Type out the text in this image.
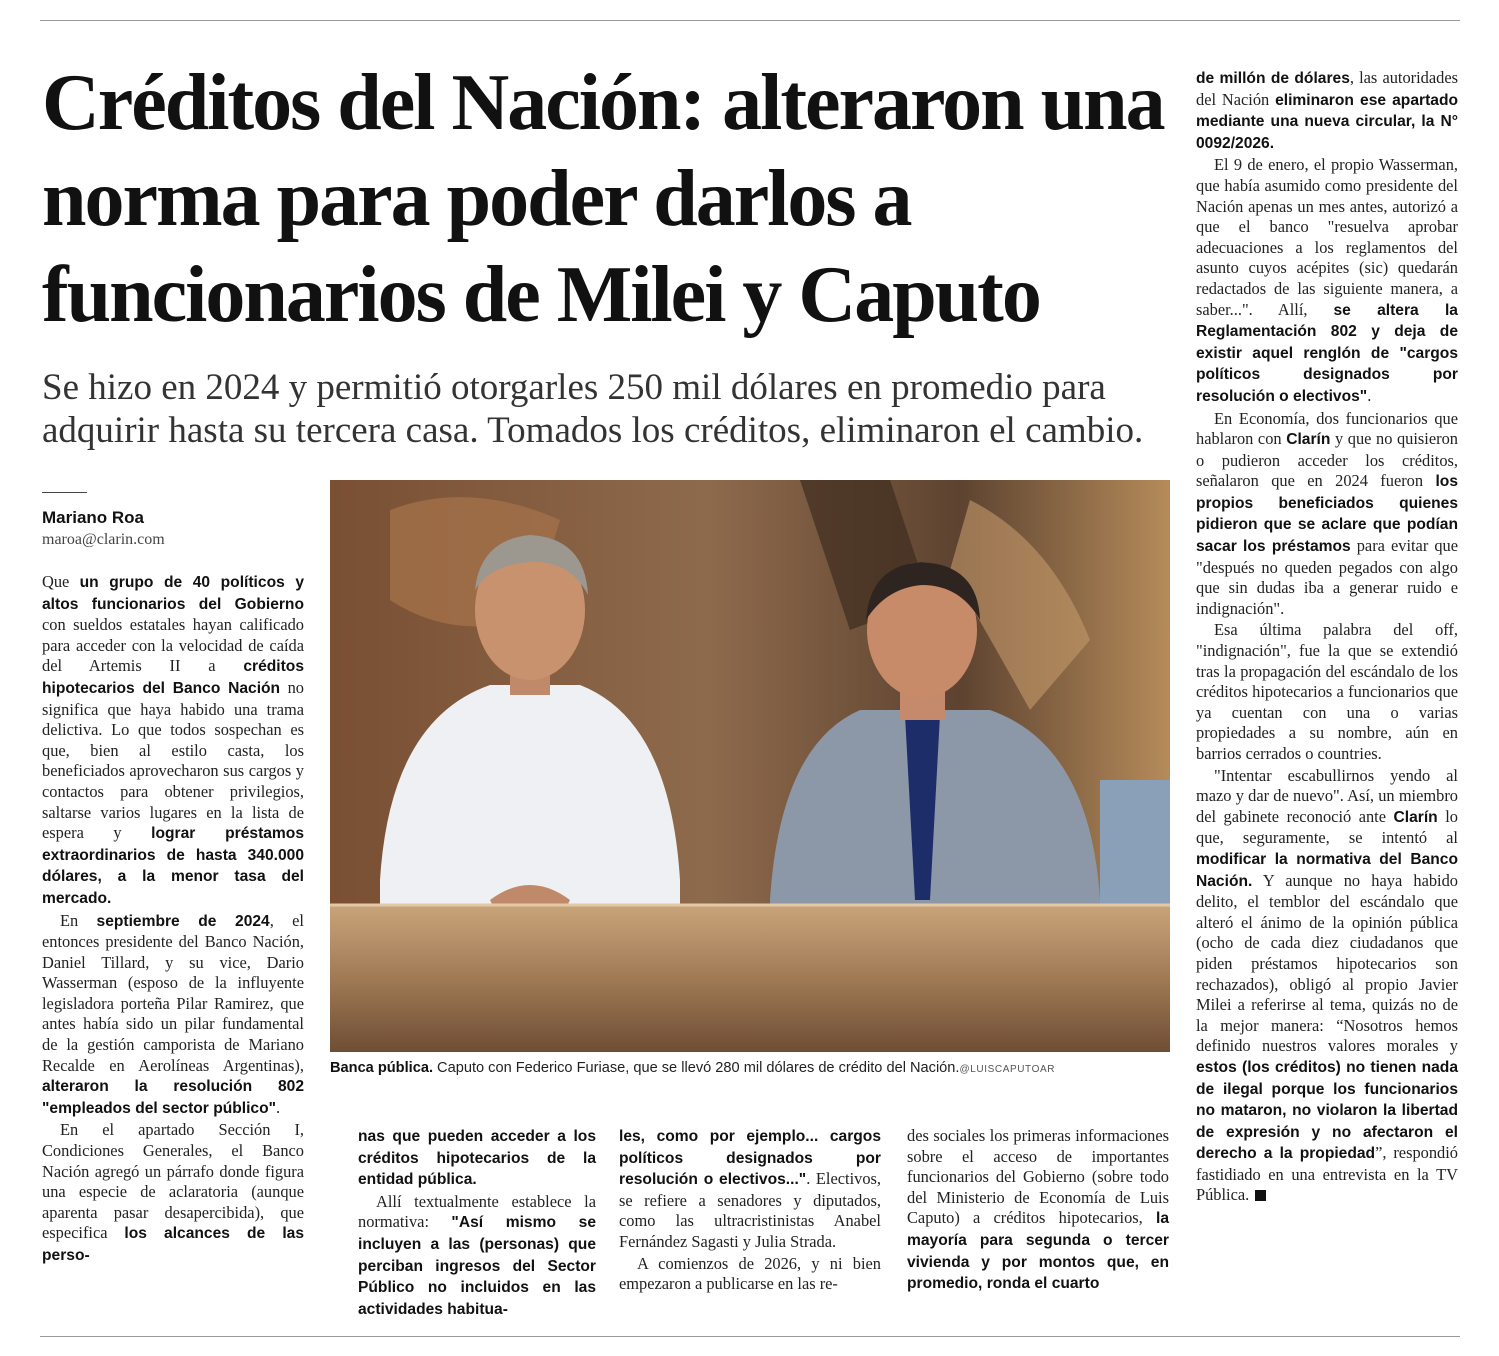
Créditos del Nación: alteraron una norma para poder darlos a funcionarios de Milei y Caputo
Se hizo en 2024 y permitió otorgarles 250 mil dólares en promedio para adquirir hasta su tercera casa. Tomados los créditos, eliminaron el cambio.
Mariano Roa
maroa@clarin.com

Que un grupo de 40 políticos y altos funcionarios del Gobierno con sueldos estatales hayan calificado para acceder con la velocidad de caída del Artemis II a créditos hipotecarios del Banco Nación no significa que haya habido una trama delictiva. Lo que todos sospechan es que, bien al estilo casta, los beneficiados aprovecharon sus cargos y contactos para obtener privilegios, saltarse varios lugares en la lista de espera y lograr préstamos extraordinarios de hasta 340.000 dólares, a la menor tasa del mercado.

En septiembre de 2024, el entonces presidente del Banco Nación, Daniel Tillard, y su vice, Dario Wasserman (esposo de la influyente legisladora porteña Pilar Ramirez, que antes había sido un pilar fundamental de la gestión camporista de Mariano Recalde en Aerolíneas Argentinas), alteraron la resolución 802 "empleados del sector público".

En el apartado Sección I, Condiciones Generales, el Banco Nación agregó un párrafo donde figura una especie de aclaratoria (aunque aparenta pasar desapercibida), que especifica los alcances de las perso-

Banca pública. Caputo con Federico Furiase, que se llevó 280 mil dólares de crédito del Nación.@LUISCAPUTOAR

nas que pueden acceder a los créditos hipotecarios de la entidad pública.

Allí textualmente establece la normativa: "Así mismo se incluyen a las (personas) que perciban ingresos del Sector Público no incluidos en las actividades habitua-

les, como por ejemplo... cargos políticos designados por resolución o electivos...". Electivos, se refiere a senadores y diputados, como las ultracristinistas Anabel Fernández Sagasti y Julia Strada.

A comienzos de 2026, y ni bien empezaron a publicarse en las re-

des sociales los primeras informaciones sobre el acceso de importantes funcionarios del Gobierno (sobre todo del Ministerio de Economía de Luis Caputo) a créditos hipotecarios, la mayoría para segunda o tercer vivienda y por montos que, en promedio, ronda el cuarto

de millón de dólares, las autoridades del Nación eliminaron ese apartado mediante una nueva circular, la N° 0092/2026.

El 9 de enero, el propio Wasserman, que había asumido como presidente del Nación apenas un mes antes, autorizó a que el banco "resuelva aprobar adecuaciones a los reglamentos del asunto cuyos acépites (sic) quedarán redactados de las siguiente manera, a saber...". Allí, se altera la Reglamentación 802 y deja de existir aquel renglón de "cargos políticos designados por resolución o electivos".

En Economía, dos funcionarios que hablaron con Clarín y que no quisieron o pudieron acceder los créditos, señalaron que en 2024 fueron los propios beneficiados quienes pidieron que se aclare que podían sacar los préstamos para evitar que "después no queden pegados con algo que sin dudas iba a generar ruido e indignación".

Esa última palabra del off, "indignación", fue la que se extendió tras la propagación del escándalo de los créditos hipotecarios a funcionarios que ya cuentan con una o varias propiedades a su nombre, aún en barrios cerrados o countries.

"Intentar escabullirnos yendo al mazo y dar de nuevo". Así, un miembro del gabinete reconoció ante Clarín lo que, seguramente, se intentó al modificar la normativa del Banco Nación. Y aunque no haya habido delito, el temblor del escándalo que alteró el ánimo de la opinión pública (ocho de cada diez ciudadanos que piden préstamos hipotecarios son rechazados), obligó al propio Javier Milei a referirse al tema, quizás no de la mejor manera: “Nosotros hemos definido nuestros valores morales y estos (los créditos) no tienen nada de ilegal porque los funcionarios no mataron, no violaron la libertad de expresión y no afectaron el derecho a la propiedad”, respondió fastidiado en una entrevista en la TV Pública.
